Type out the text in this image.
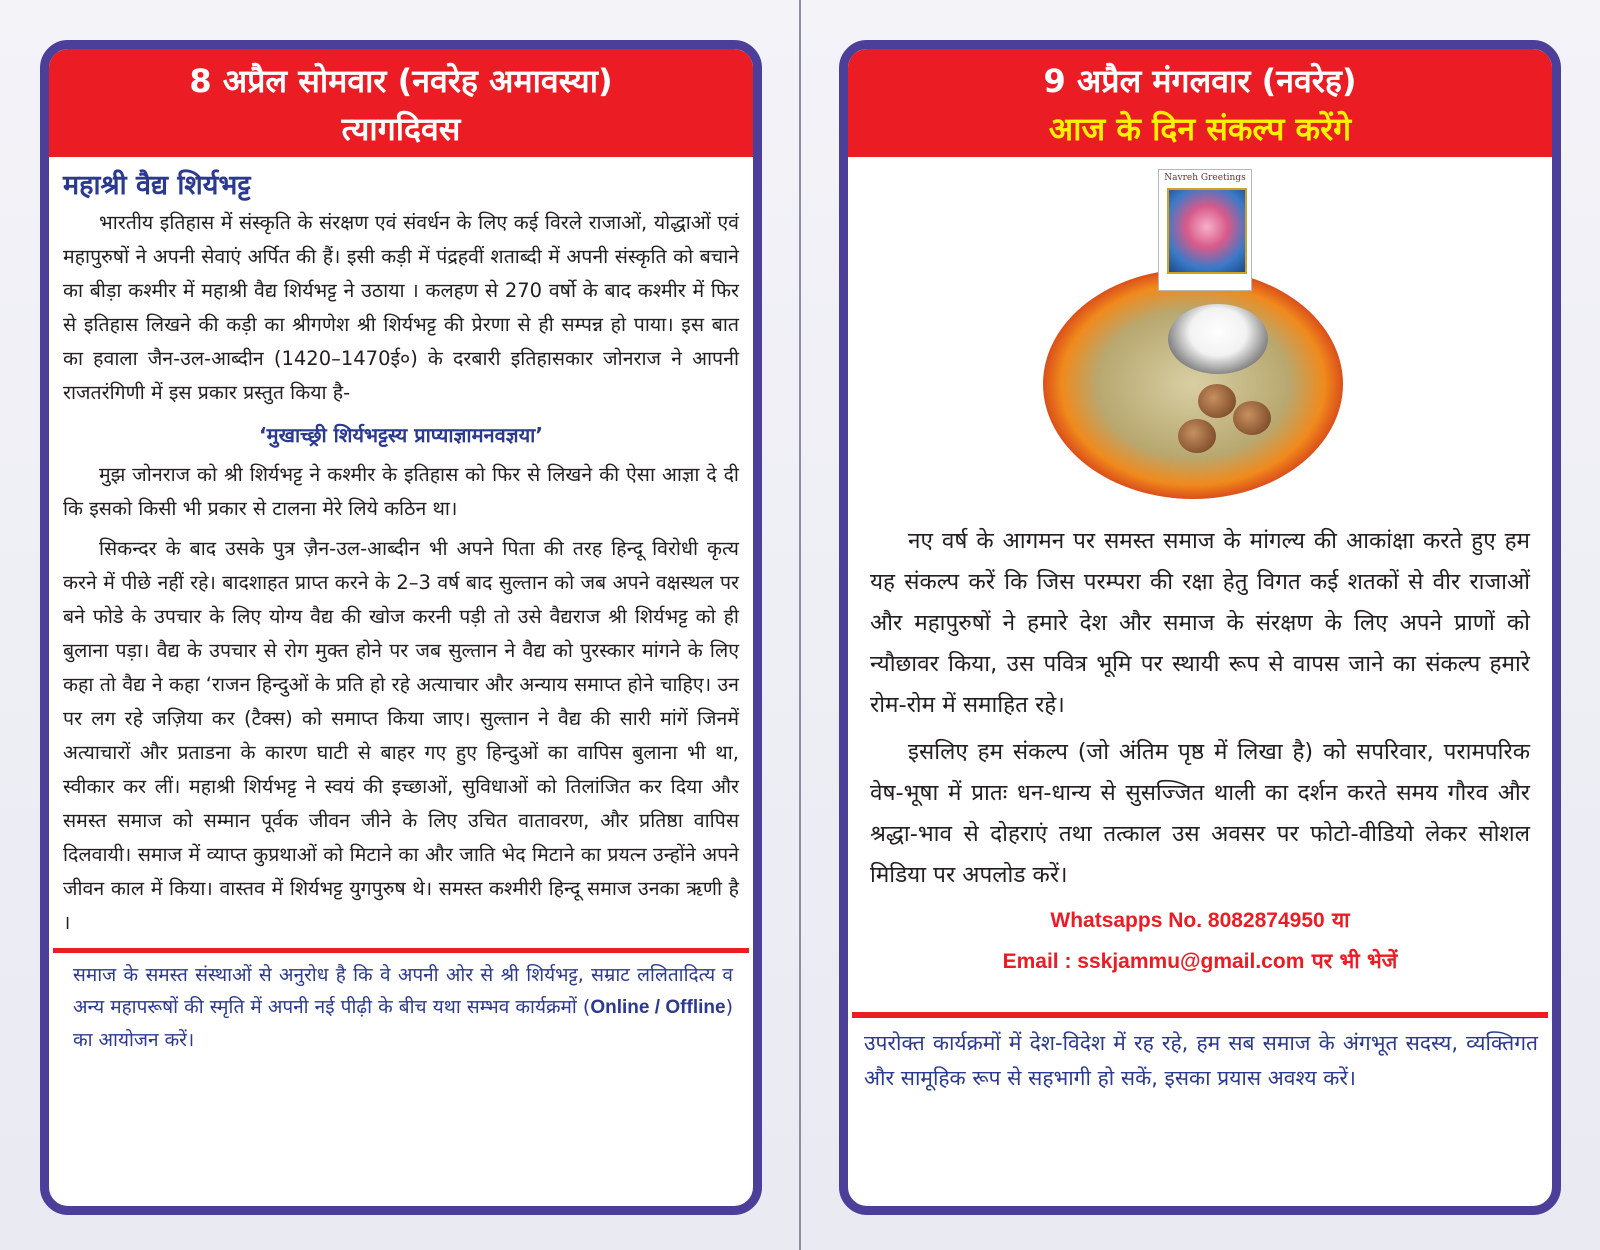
8 अप्रैल सोमवार (नवरेह अमावस्या)
त्यागदिवस
महाश्री वैद्य शिर्यभट्ट

भारतीय इतिहास में संस्कृति के संरक्षण एवं संवर्धन के लिए कई विरले राजाओं, योद्धाओं एवं महापुरुषों ने अपनी सेवाएं अर्पित की हैं। इसी कड़ी में पंद्रहवीं शताब्दी में अपनी संस्कृति को बचाने का बीड़ा कश्मीर में महाश्री वैद्य शिर्यभट्ट ने उठाया । कलहण से 270 वर्षो के बाद कश्मीर में फिर से इतिहास लिखने की कड़ी का श्रीगणेश श्री शिर्यभट्ट की प्रेरणा से ही सम्पन्न हो पाया। इस बात का हवाला जैन-उल-आब्दीन (1420–1470ई०) के दरबारी इतिहासकार जोनराज ने आपनी राजतरंगिणी में इस प्रकार प्रस्तुत किया है-

‘मुखाच्छ्री शिर्यभट्टस्य प्राप्याज्ञामनवज्ञया’

मुझ जोनराज को श्री शिर्यभट्ट ने कश्मीर के इतिहास को फिर से लिखने की ऐसा आज्ञा दे दी कि इसको किसी भी प्रकार से टालना मेरे लिये कठिन था।

सिकन्दर के बाद उसके पुत्र ज़ैन-उल-आब्दीन भी अपने पिता की तरह हिन्दू विरोधी कृत्य करने में पीछे नहीं रहे। बादशाहत प्राप्त करने के 2–3 वर्ष बाद सुल्तान को जब अपने वक्षस्थल पर बने फोडे के उपचार के लिए योग्य वैद्य की खोज करनी पड़ी तो उसे वैद्यराज श्री शिर्यभट्ट को ही बुलाना पड़ा। वैद्य के उपचार से रोग मुक्त होने पर जब सुल्तान ने वैद्य को पुरस्कार मांगने के लिए कहा तो वैद्य ने कहा ‘राजन हिन्दुओं के प्रति हो रहे अत्याचार और अन्याय समाप्त होने चाहिए। उन पर लग रहे जज़िया कर (टैक्स) को समाप्त किया जाए। सुल्तान ने वैद्य की सारी मांगें जिनमें अत्याचारों और प्रताडना के कारण घाटी से बाहर गए हुए हिन्दुओं का वापिस बुलाना भी था, स्वीकार कर लीं। महाश्री शिर्यभट्ट ने स्वयं की इच्छाओं, सुविधाओं को तिलांजित कर दिया और समस्त समाज को सम्मान पूर्वक जीवन जीने के लिए उचित वातावरण, और प्रतिष्ठा वापिस दिलवायी। समाज में व्याप्त कुप्रथाओं को मिटाने का और जाति भेद मिटाने का प्रयत्न उन्होंने अपने जीवन काल में किया। वास्तव में शिर्यभट्ट युगपुरुष थे। समस्त कश्मीरी हिन्दू समाज उनका ऋणी है ।

समाज के समस्त संस्थाओं से अनुरोध है कि वे अपनी ओर से श्री शिर्यभट्ट, सम्राट ललितादित्य व अन्य महापरूषों की स्मृति में अपनी नई पीढ़ी के बीच यथा सम्भव कार्यक्रमों (Online / Offline) का आयोजन करें।
9 अप्रैल मंगलवार (नवरेह)
आज के दिन संकल्प करेंगे
Navreh Greetings

नए वर्ष के आगमन पर समस्त समाज के मांगल्य की आकांक्षा करते हुए हम यह संकल्प करें कि जिस परम्परा की रक्षा हेतु विगत कई शतकों से वीर राजाओं और महापुरुषों ने हमारे देश और समाज के संरक्षण के लिए अपने प्राणों को न्यौछावर किया, उस पवित्र भूमि पर स्थायी रूप से वापस जाने का संकल्प हमारे रोम-रोम में समाहित रहे।

इसलिए हम संकल्प (जो अंतिम पृष्ठ में लिखा है) को सपरिवार, परामपरिक वेष-भूषा में प्रातः धन-धान्य से सुसज्जित थाली का दर्शन करते समय गौरव और श्रद्धा-भाव से दोहराएं तथा तत्काल उस अवसर पर फोटो-वीडियो लेकर सोशल मिडिया पर अपलोड करें।

Whatsapps No. 8082874950 या
Email : sskjammu@gmail.com पर भी भेजें
उपरोक्त कार्यक्रमों में देश-विदेश में रह रहे, हम सब समाज के अंगभूत सदस्य, व्यक्तिगत और सामूहिक रूप से सहभागी हो सकें, इसका प्रयास अवश्य करें।
